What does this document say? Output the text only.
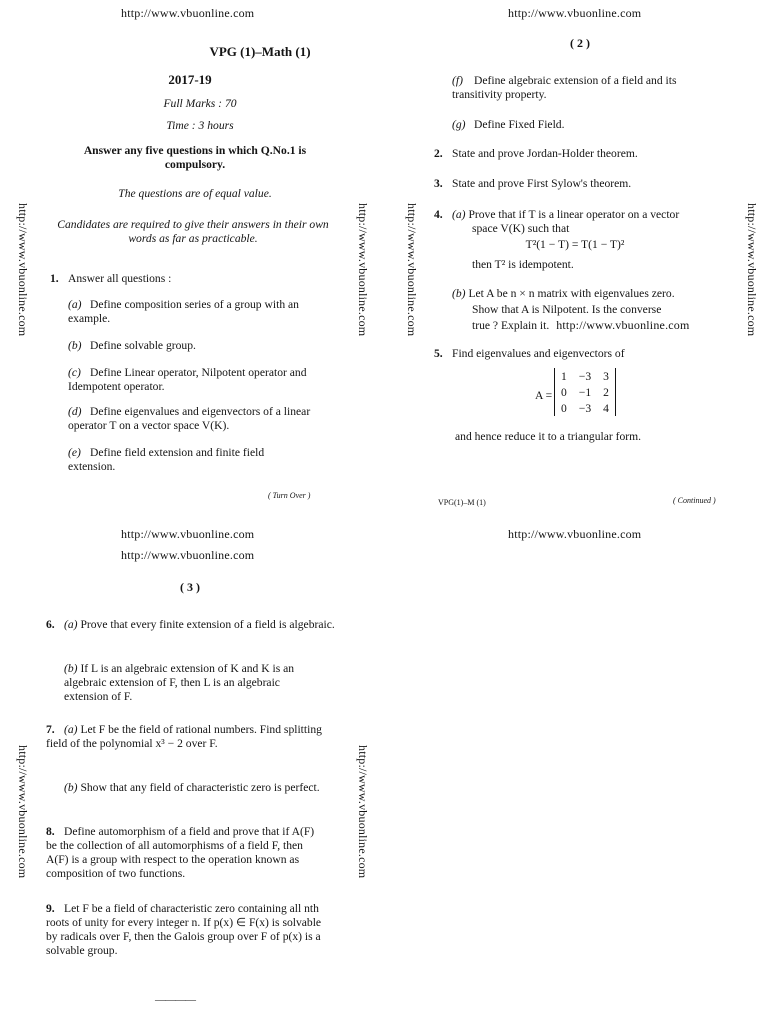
http://www.vbuonline.com
http://www.vbuonline.com
VPG (1)–Math (1)
2017-19
Full Marks : 70
Time : 3 hours
Answer any five questions in which Q.No.1 is compulsory.
The questions are of equal value.
Candidates are required to give their answers in their own words as far as practicable.
1. Answer all questions :
(a) Define composition series of a group with an example.
(b) Define solvable group.
(c) Define Linear operator, Nilpotent operator and Idempotent operator.
(d) Define eigenvalues and eigenvectors of a linear operator T on a vector space V(K).
(e) Define field extension and finite field extension.
( Turn Over )
http://www.vbuonline.com
http://www.vbuonline.com	http://www.vbuonline.com	http://www.vbuonline.com
( 2 )
(f) Define algebraic extension of a field and its transitivity property.
(g) Define Fixed Field.
2. State and prove Jordan-Holder theorem.
3. State and prove First Sylow's theorem.
4. (a) Prove that if T is a linear operator on a vector
space V(K) such that
T²(1 − T) = T(1 − T)²
then T² is idempotent.
(b) Let A be n × n matrix with eigenvalues zero.
Show that A is Nilpotent. Is the converse
true ? Explain it. http://www.vbuonline.com
5. Find eigenvalues and eigenvectors of
A =
1	−3	3
0	−1	2
0	−3	4
and hence reduce it to a triangular form.
VPG(1)–M (1)	( Continued )
http://www.vbuonline.com	http://www.vbuonline.com
http://www.vbuonline.com
( 3 )
http://www.vbuonline.com	http://www.vbuonline.com
6. (a) Prove that every finite extension of a field is algebraic.
(b) If L is an algebraic extension of K and K is an algebraic extension of F, then L is an algebraic extension of F.
7. (a) Let F be the field of rational numbers. Find splitting field of the polynomial x³ − 2 over F.
(b) Show that any field of characteristic zero is perfect.
8. Define automorphism of a field and prove that if A(F) be the collection of all automorphisms of a field F, then A(F) is a group with respect to the operation known as composition of two functions.
9. Let F be a field of characteristic zero containing all nth roots of unity for every integer n. If p(x) ∈ F(x) is solvable by radicals over F, then the Galois group over F of p(x) is a solvable group.
————
